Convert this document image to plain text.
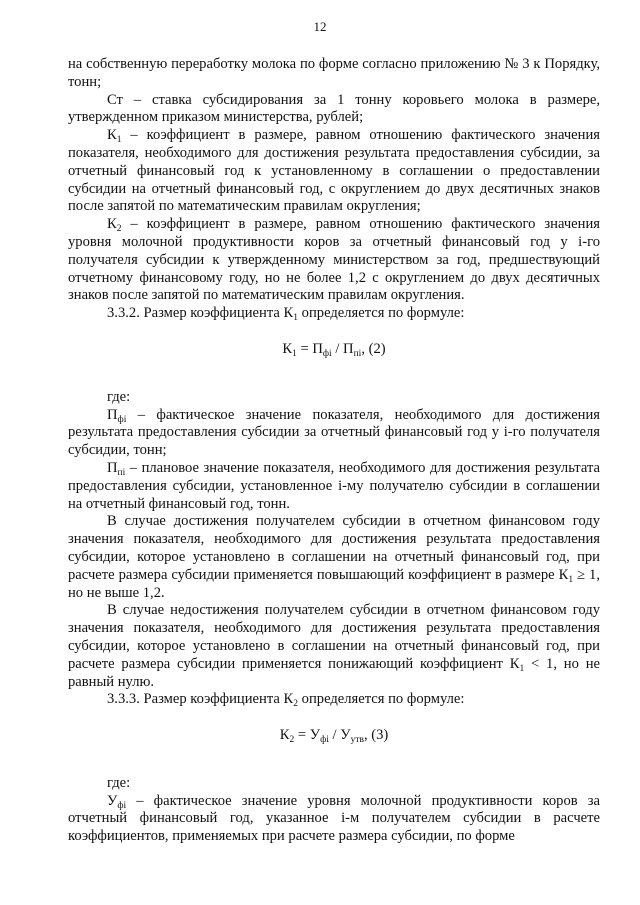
12

на собственную переработку молока по форме согласно приложению № 3 к Порядку, тонн;

Ст – ставка субсидирования за 1 тонну коровьего молока в размере, утвержденном приказом министерства, рублей;

$К_1$ – коэффициент в размере, равном отношению фактического значения показателя, необходимого для достижения результата предоставления субсидии, за отчетный финансовый год к установленному в соглашении о предоставлении субсидии на отчетный финансовый год, с округлением до двух десятичных знаков после запятой по математическим правилам округления;

$К_2$ – коэффициент в размере, равном отношению фактического значения уровня молочной продуктивности коров за отчетный финансовый год у i-го получателя субсидии к утвержденному министерством за год, предшествующий отчетному финансовому году, но не более 1,2 с округлением до двух десятичных знаков после запятой по математическим правилам округления.

3.3.2. Размер коэффициента $К_1$ определяется по формуле:

$К_1 = П_{фi} / П_{пi}$, (2)

где:

$П_{фi}$ – фактическое значение показателя, необходимого для достижения результата предоставления субсидии за отчетный финансовый год у i-го получателя субсидии, тонн;

$П_{пi}$ – плановое значение показателя, необходимого для достижения результата предоставления субсидии, установленное i-му получателю субсидии в соглашении на отчетный финансовый год, тонн.

В случае достижения получателем субсидии в отчетном финансовом году значения показателя, необходимого для достижения результата предоставления субсидии, которое установлено в соглашении на отчетный финансовый год, при расчете размера субсидии применяется повышающий коэффициент в размере $К_1 \ge 1$, но не выше 1,2.

В случае недостижения получателем субсидии в отчетном финансовом году значения показателя, необходимого для достижения результата предоставления субсидии, которое установлено в соглашении на отчетный финансовый год, при расчете размера субсидии применяется понижающий коэффициент $К_1 < 1$, но не равный нулю.

3.3.3. Размер коэффициента $К_2$ определяется по формуле:

$К_2 = У_{фi} / У_{утв}$, (3)

где:

$У_{фi}$ – фактическое значение уровня молочной продуктивности коров за отчетный финансовый год, указанное i-м получателем субсидии в расчете коэффициентов, применяемых при расчете размера субсидии, по форме
